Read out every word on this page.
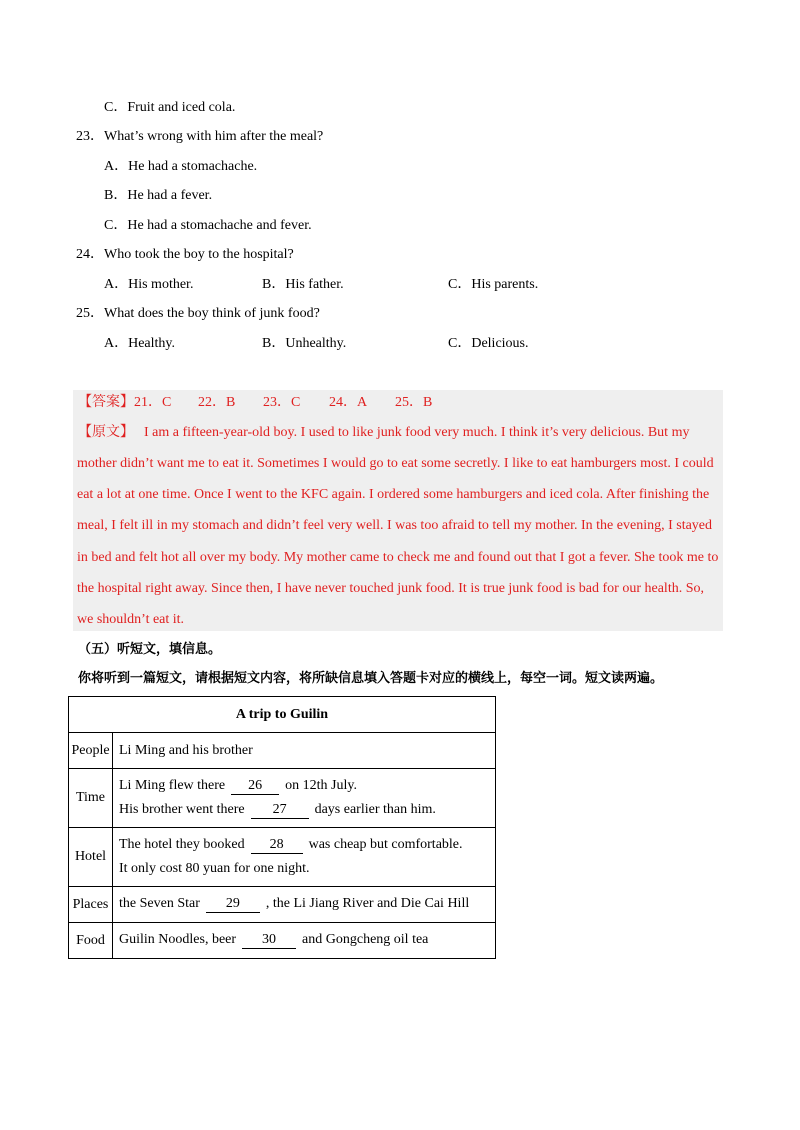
C．Fruit and iced cola.
23．What’s wrong with him after the meal?
A．He had a stomachache.
B．He had a fever.
C．He had a stomachache and fever.
24．Who took the boy to the hospital?
A．His mother.	B．His father.	C．His parents.
25．What does the boy think of junk food?
A．Healthy.	B．Unhealthy.	C．Delicious.
【答案】 21．C 22．B 23．C 24．A 25．B
【原文】 I am a fifteen-year-old boy. I used to like junk food very much. I think it’s very delicious. But my
mother didn’t want me to eat it. Sometimes I would go to eat some secretly. I like to eat hamburgers most. I could
eat a lot at one time. Once I went to the KFC again. I ordered some hamburgers and iced cola. After finishing the
meal, I felt ill in my stomach and didn’t feel very well. I was too afraid to tell my mother. In the evening, I stayed
in bed and felt hot all over my body. My mother came to check me and found out that I got a fever. She took me to
the hospital right away. Since then, I have never touched junk food. It is true junk food is bad for our health. So,
we shouldn’t eat it.
（五）听短文，填信息。
你将听到一篇短文，请根据短文内容，将所缺信息填入答题卡对应的横线上，每空一词。短文读两遍。
A trip to Guilin	
People	Li Ming and his brother
Time	Li Ming flew there 26 on 12th July.
His brother went there 27 days earlier than him.

Hotel	The hotel they booked 28 was cheap but comfortable.
It only cost 80 yuan for one night.

Places	the Seven Star 29 , the Li Jiang River and Die Cai Hill
Food	Guilin Noodles, beer 30 and Gongcheng oil tea
